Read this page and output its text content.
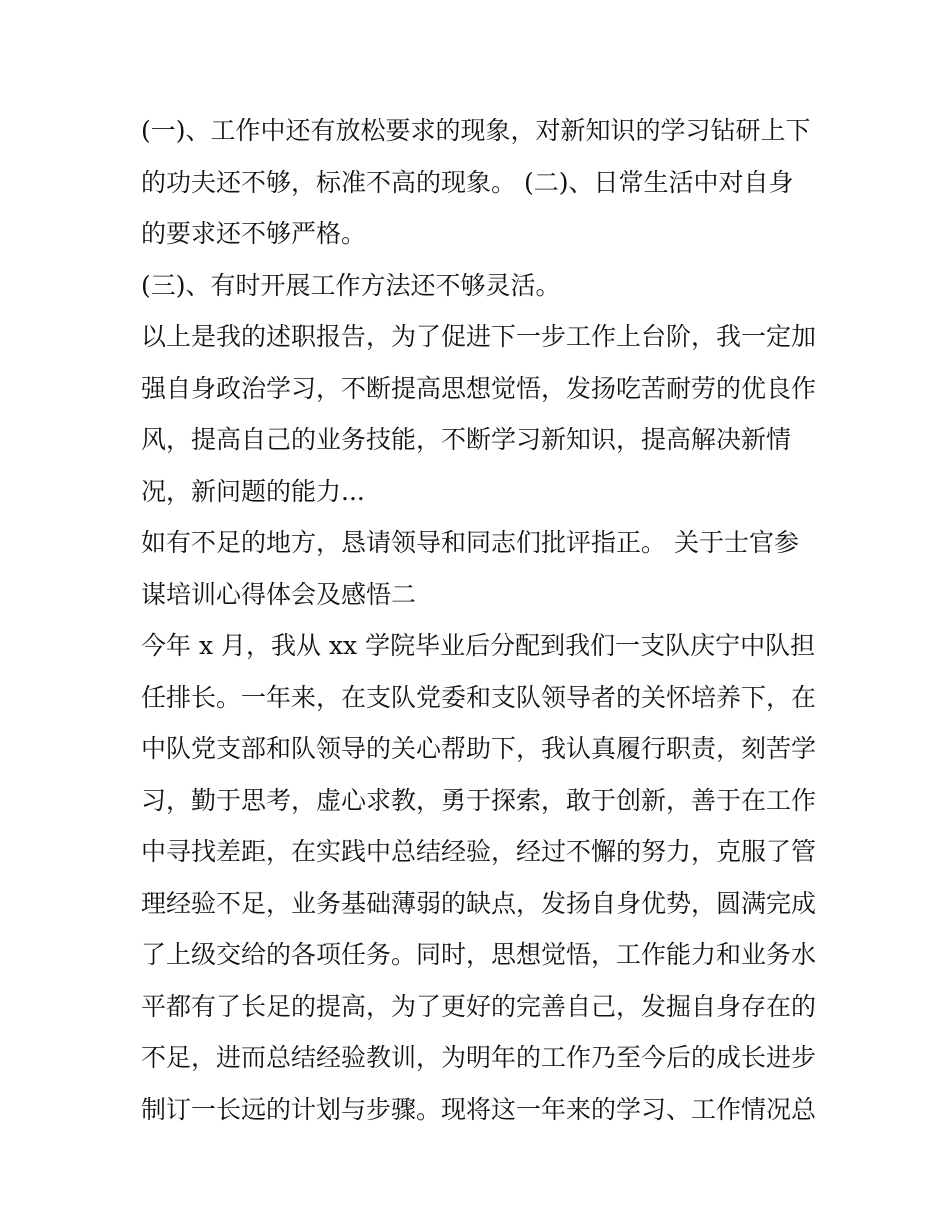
(一)、工作中还有放松要求的现象，对新知识的学习钻研上下
的功夫还不够，标准不高的现象。 (二)、日常生活中对自身
的要求还不够严格。
(三)、有时开展工作方法还不够灵活。
以上是我的述职报告，为了促进下一步工作上台阶，我一定加
强自身政治学习，不断提高思想觉悟，发扬吃苦耐劳的优良作
风，提高自己的业务技能，不断学习新知识，提高解决新情
况，新问题的能力...
如有不足的地方，恳请领导和同志们批评指正。 关于士官参
谋培训心得体会及感悟二
今年 x 月，我从 xx 学院毕业后分配到我们一支队庆宁中队担
任排长。一年来，在支队党委和支队领导者的关怀培养下，在
中队党支部和队领导的关心帮助下，我认真履行职责，刻苦学
习，勤于思考，虚心求教，勇于探索，敢于创新，善于在工作
中寻找差距，在实践中总结经验，经过不懈的努力，克服了管
理经验不足，业务基础薄弱的缺点，发扬自身优势，圆满完成
了上级交给的各项任务。同时，思想觉悟，工作能力和业务水
平都有了长足的提高，为了更好的完善自己，发掘自身存在的
不足，进而总结经验教训，为明年的工作乃至今后的成长进步
制订一长远的计划与步骤。现将这一年来的学习、工作情况总
